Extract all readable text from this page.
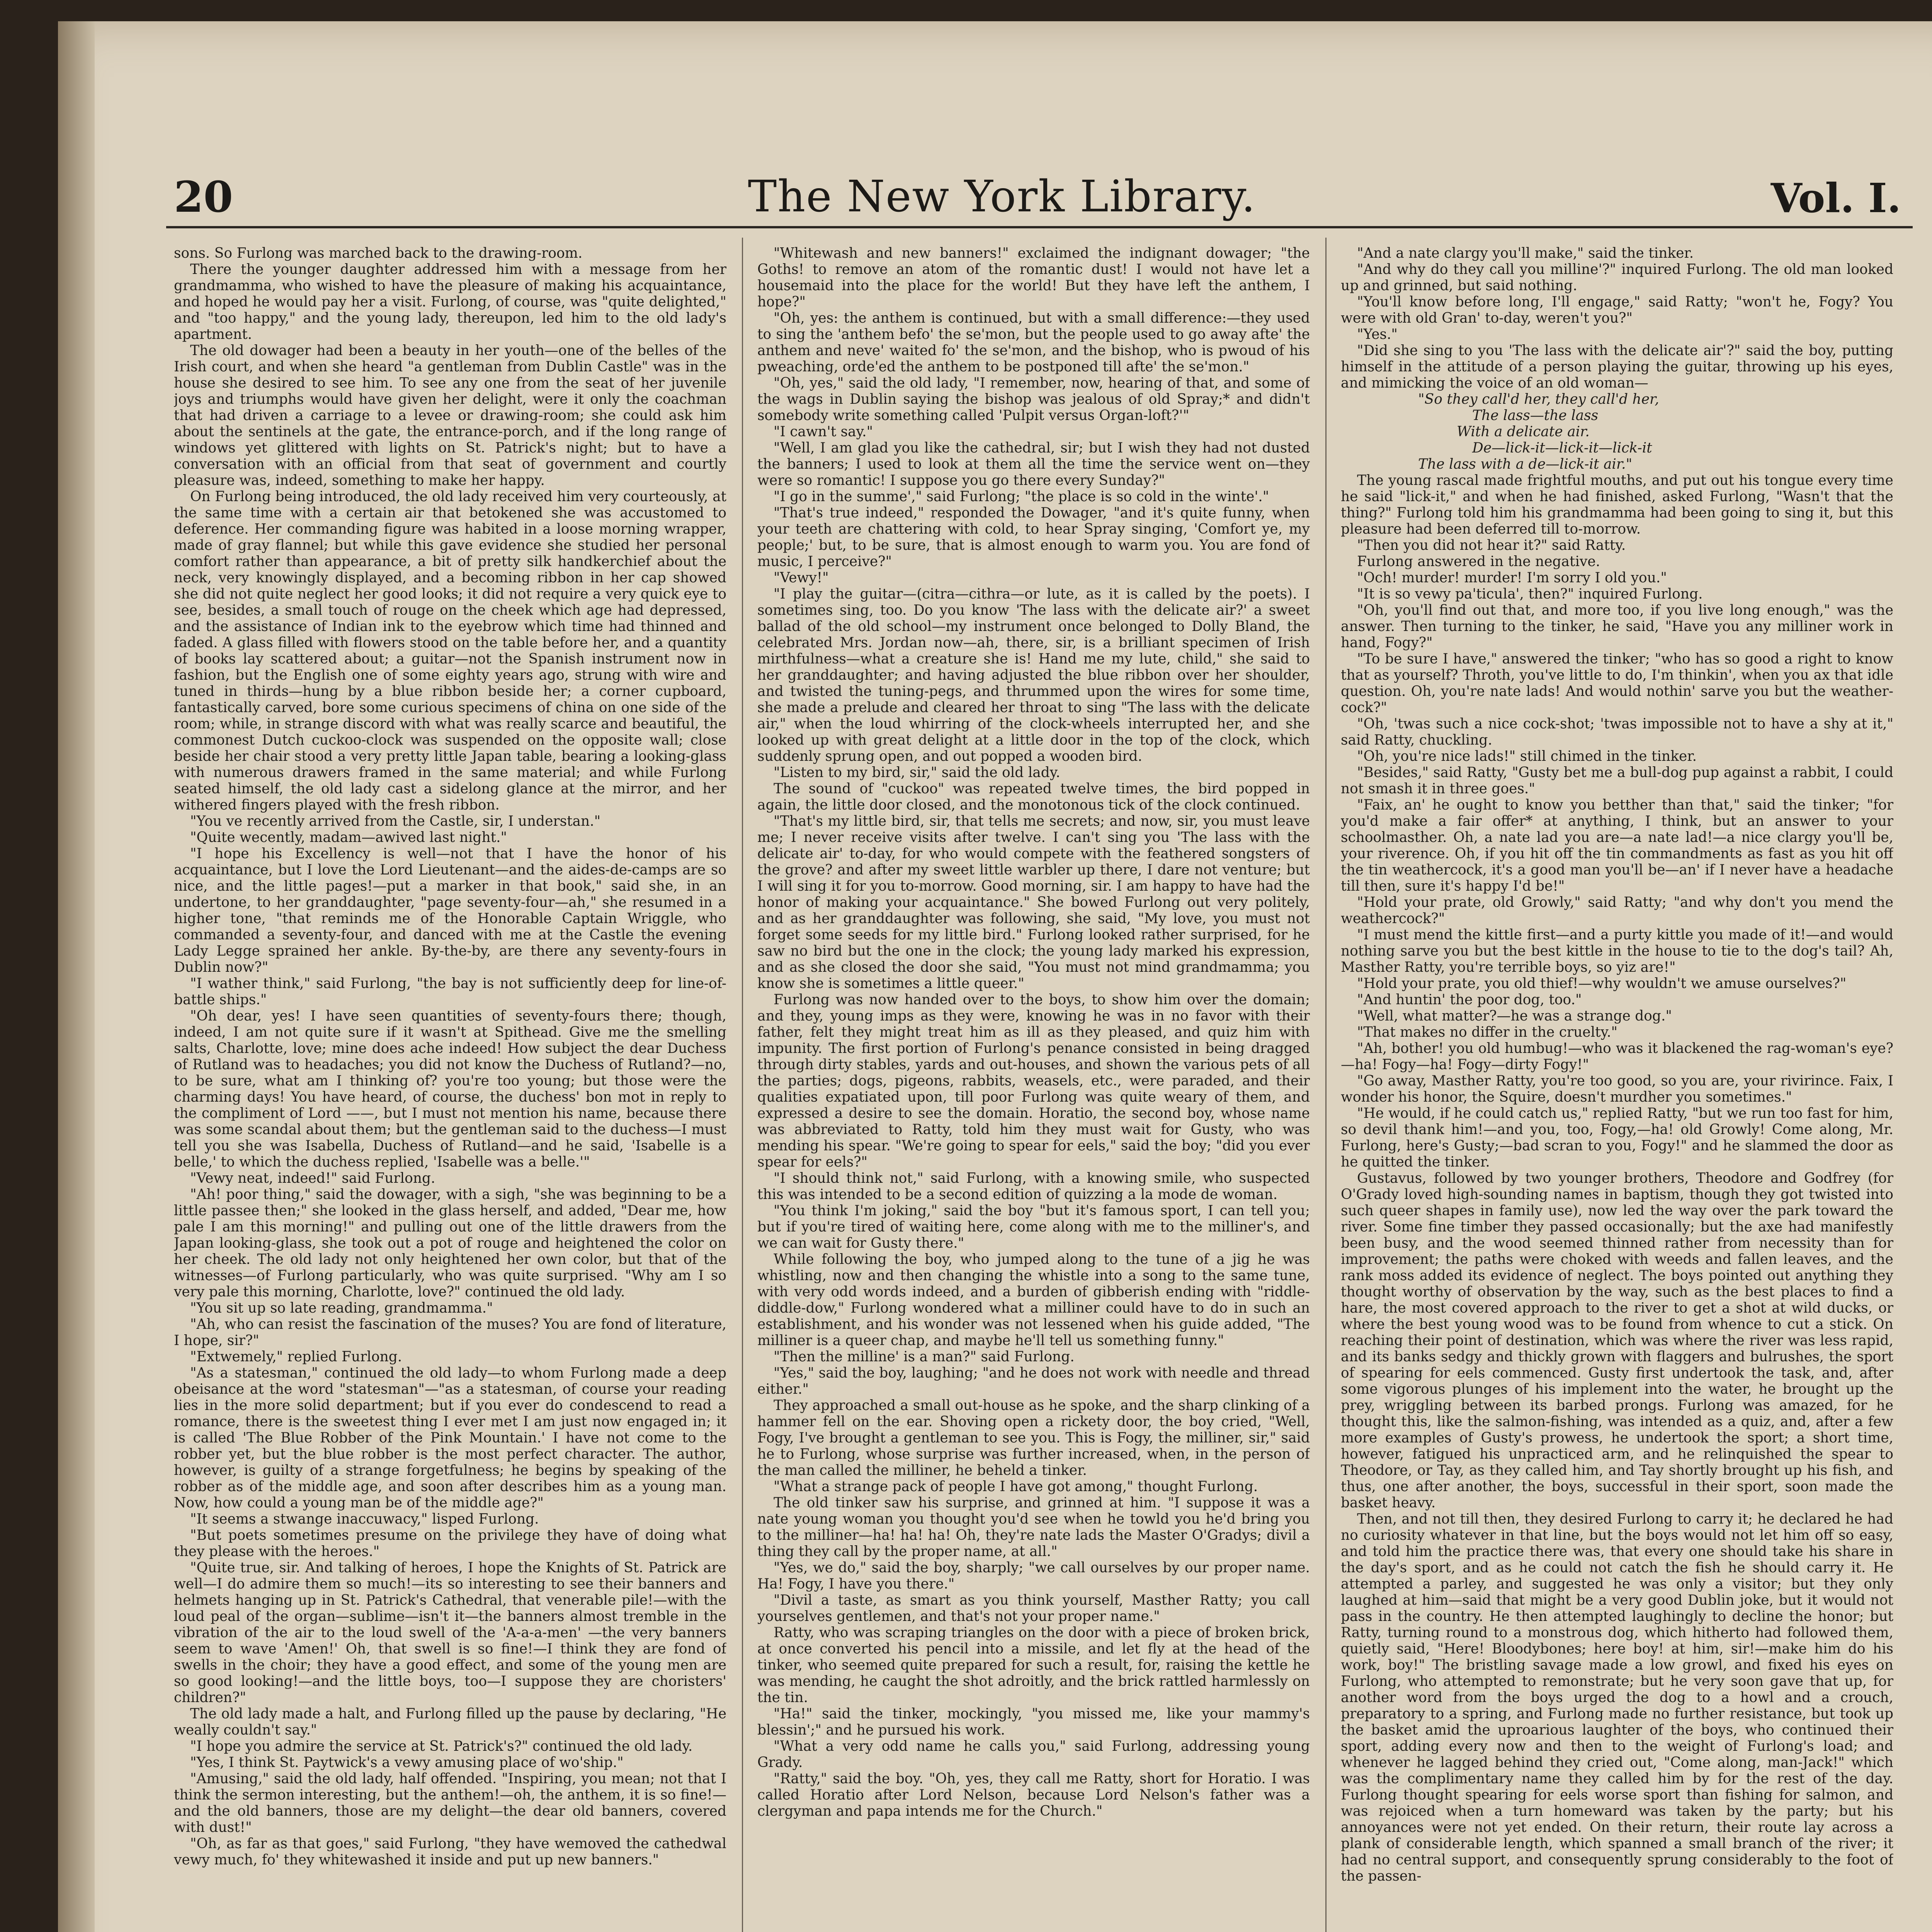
20	The New York Library.	Vol. I.

sons. So Furlong was marched back to the drawing-room.

There the younger daughter addressed him with a message from her grandmamma, who wished to have the pleasure of making his acquaintance, and hoped he would pay her a visit. Furlong, of course, was "quite delighted," and "too happy," and the young lady, thereupon, led him to the old lady's apartment.

The old dowager had been a beauty in her youth—one of the belles of the Irish court, and when she heard "a gentleman from Dublin Castle" was in the house she desired to see him. To see any one from the seat of her juvenile joys and triumphs would have given her delight, were it only the coachman that had driven a carriage to a levee or drawing-room; she could ask him about the sentinels at the gate, the entrance-porch, and if the long range of windows yet glittered with lights on St. Patrick's night; but to have a conversation with an official from that seat of government and courtly pleasure was, indeed, something to make her happy.

On Furlong being introduced, the old lady received him very courteously, at the same time with a certain air that betokened she was accustomed to deference. Her commanding figure was habited in a loose morning wrapper, made of gray flannel; but while this gave evidence she studied her personal comfort rather than appearance, a bit of pretty silk handkerchief about the neck, very knowingly displayed, and a becoming ribbon in her cap showed she did not quite neglect her good looks; it did not require a very quick eye to see, besides, a small touch of rouge on the cheek which age had depressed, and the assistance of Indian ink to the eyebrow which time had thinned and faded. A glass filled with flowers stood on the table before her, and a quantity of books lay scattered about; a guitar—not the Spanish instrument now in fashion, but the English one of some eighty years ago, strung with wire and tuned in thirds—hung by a blue ribbon beside her; a corner cupboard, fantastically carved, bore some curious specimens of china on one side of the room; while, in strange discord with what was really scarce and beautiful, the commonest Dutch cuckoo-clock was suspended on the opposite wall; close beside her chair stood a very pretty little Japan table, bearing a looking-glass with numerous drawers framed in the same material; and while Furlong seated himself, the old lady cast a sidelong glance at the mirror, and her withered fingers played with the fresh ribbon.

"You ve recently arrived from the Castle, sir, I understan."

"Quite wecently, madam—awived last night."

"I hope his Excellency is well—not that I have the honor of his acquaintance, but I love the Lord Lieutenant—and the aides-de-camps are so nice, and the little pages!—put a marker in that book," said she, in an undertone, to her granddaughter, "page seventy-four—ah," she resumed in a higher tone, "that reminds me of the Honorable Captain Wriggle, who commanded a seventy-four, and danced with me at the Castle the evening Lady Legge sprained her ankle. By-the-by, are there any seventy-fours in Dublin now?"

"I wather think," said Furlong, "the bay is not sufficiently deep for line-of-battle ships."

"Oh dear, yes! I have seen quantities of seventy-fours there; though, indeed, I am not quite sure if it wasn't at Spithead. Give me the smelling salts, Charlotte, love; mine does ache indeed! How subject the dear Duchess of Rutland was to headaches; you did not know the Duchess of Rutland?—no, to be sure, what am I thinking of? you're too young; but those were the charming days! You have heard, of course, the duchess' bon mot in reply to the compliment of Lord ——, but I must not mention his name, because there was some scandal about them; but the gentleman said to the duchess—I must tell you she was Isabella, Duchess of Rutland—and he said, 'Isabelle is a belle,' to which the duchess replied, 'Isabelle was a belle.'"

"Vewy neat, indeed!" said Furlong.

"Ah! poor thing," said the dowager, with a sigh, "she was beginning to be a little passee then;" she looked in the glass herself, and added, "Dear me, how pale I am this morning!" and pulling out one of the little drawers from the Japan looking-glass, she took out a pot of rouge and heightened the color on her cheek. The old lady not only heightened her own color, but that of the witnesses—of Furlong particularly, who was quite surprised. "Why am I so very pale this morning, Charlotte, love?" continued the old lady.

"You sit up so late reading, grandmamma."

"Ah, who can resist the fascination of the muses? You are fond of literature, I hope, sir?"

"Extwemely," replied Furlong.

"As a statesman," continued the old lady—to whom Furlong made a deep obeisance at the word "statesman"—"as a statesman, of course your reading lies in the more solid department; but if you ever do condescend to read a romance, there is the sweetest thing I ever met I am just now engaged in; it is called 'The Blue Robber of the Pink Mountain.' I have not come to the robber yet, but the blue robber is the most perfect character. The author, however, is guilty of a strange forgetfulness; he begins by speaking of the robber as of the middle age, and soon after describes him as a young man. Now, how could a young man be of the middle age?"

"It seems a stwange inaccuwacy," lisped Furlong.

"But poets sometimes presume on the privilege they have of doing what they please with the heroes."

"Quite true, sir. And talking of heroes, I hope the Knights of St. Patrick are well—I do admire them so much!—its so interesting to see their banners and helmets hanging up in St. Patrick's Cathedral, that venerable pile!—with the loud peal of the organ—sublime—isn't it—the banners almost tremble in the vibration of the air to the loud swell of the 'A-a-a-men' —the very banners seem to wave 'Amen!' Oh, that swell is so fine!—I think they are fond of swells in the choir; they have a good effect, and some of the young men are so good looking!—and the little boys, too—I suppose they are choristers' children?"

The old lady made a halt, and Furlong filled up the pause by declaring, "He weally couldn't say."

"I hope you admire the service at St. Patrick's?" continued the old lady.

"Yes, I think St. Paytwick's a vewy amusing place of wo'ship."

"Amusing," said the old lady, half offended. "Inspiring, you mean; not that I think the sermon interesting, but the anthem!—oh, the anthem, it is so fine!—and the old banners, those are my delight—the dear old banners, covered with dust!"

"Oh, as far as that goes," said Furlong, "they have wemoved the cathedwal vewy much, fo' they whitewashed it inside and put up new banners."

"Whitewash and new banners!" exclaimed the indignant dowager; "the Goths! to remove an atom of the romantic dust! I would not have let a housemaid into the place for the world! But they have left the anthem, I hope?"

"Oh, yes: the anthem is continued, but with a small difference:—they used to sing the 'anthem befo' the se'mon, but the people used to go away afte' the anthem and neve' waited fo' the se'mon, and the bishop, who is pwoud of his pweaching, orde'ed the anthem to be postponed till afte' the se'mon."

"Oh, yes," said the old lady, "I remember, now, hearing of that, and some of the wags in Dublin saying the bishop was jealous of old Spray;* and didn't somebody write something called 'Pulpit versus Organ-loft?'"

"I cawn't say."

"Well, I am glad you like the cathedral, sir; but I wish they had not dusted the banners; I used to look at them all the time the service went on—they were so romantic! I suppose you go there every Sunday?"

"I go in the summe'," said Furlong; "the place is so cold in the winte'."

"That's true indeed," responded the Dowager, "and it's quite funny, when your teeth are chattering with cold, to hear Spray singing, 'Comfort ye, my people;' but, to be sure, that is almost enough to warm you. You are fond of music, I perceive?"

"Vewy!"

"I play the guitar—(citra—cithra—or lute, as it is called by the poets). I sometimes sing, too. Do you know 'The lass with the delicate air?' a sweet ballad of the old school—my instrument once belonged to Dolly Bland, the celebrated Mrs. Jordan now—ah, there, sir, is a brilliant specimen of Irish mirthfulness—what a creature she is! Hand me my lute, child," she said to her granddaughter; and having adjusted the blue ribbon over her shoulder, and twisted the tuning-pegs, and thrummed upon the wires for some time, she made a prelude and cleared her throat to sing "The lass with the delicate air," when the loud whirring of the clock-wheels interrupted her, and she looked up with great delight at a little door in the top of the clock, which suddenly sprung open, and out popped a wooden bird.

"Listen to my bird, sir," said the old lady.

The sound of "cuckoo" was repeated twelve times, the bird popped in again, the little door closed, and the monotonous tick of the clock continued.

"That's my little bird, sir, that tells me secrets; and now, sir, you must leave me; I never receive visits after twelve. I can't sing you 'The lass with the delicate air' to-day, for who would compete with the feathered songsters of the grove? and after my sweet little warbler up there, I dare not venture; but I will sing it for you to-morrow. Good morning, sir. I am happy to have had the honor of making your acquaintance." She bowed Furlong out very politely, and as her granddaughter was following, she said, "My love, you must not forget some seeds for my little bird." Furlong looked rather surprised, for he saw no bird but the one in the clock; the young lady marked his expression, and as she closed the door she said, "You must not mind grandmamma; you know she is sometimes a little queer."

Furlong was now handed over to the boys, to show him over the domain; and they, young imps as they were, knowing he was in no favor with their father, felt they might treat him as ill as they pleased, and quiz him with impunity. The first portion of Furlong's penance consisted in being dragged through dirty stables, yards and out-houses, and shown the various pets of all the parties; dogs, pigeons, rabbits, weasels, etc., were paraded, and their qualities expatiated upon, till poor Furlong was quite weary of them, and expressed a desire to see the domain. Horatio, the second boy, whose name was abbreviated to Ratty, told him they must wait for Gusty, who was mending his spear. "We're going to spear for eels," said the boy; "did you ever spear for eels?"

"I should think not," said Furlong, with a knowing smile, who suspected this was intended to be a second edition of quizzing a la mode de woman.

"You think I'm joking," said the boy "but it's famous sport, I can tell you; but if you're tired of waiting here, come along with me to the milliner's, and we can wait for Gusty there."

While following the boy, who jumped along to the tune of a jig he was whistling, now and then changing the whistle into a song to the same tune, with very odd words indeed, and a burden of gibberish ending with "riddle-diddle-dow," Furlong wondered what a milliner could have to do in such an establishment, and his wonder was not lessened when his guide added, "The milliner is a queer chap, and maybe he'll tell us something funny."

"Then the milline' is a man?" said Furlong.

"Yes," said the boy, laughing; "and he does not work with needle and thread either."

They approached a small out-house as he spoke, and the sharp clinking of a hammer fell on the ear. Shoving open a rickety door, the boy cried, "Well, Fogy, I've brought a gentleman to see you. This is Fogy, the milliner, sir," said he to Furlong, whose surprise was further increased, when, in the person of the man called the milliner, he beheld a tinker.

"What a strange pack of people I have got among," thought Furlong.

The old tinker saw his surprise, and grinned at him. "I suppose it was a nate young woman you thought you'd see when he towld you he'd bring you to the milliner—ha! ha! ha! Oh, they're nate lads the Master O'Gradys; divil a thing they call by the proper name, at all."

"Yes, we do," said the boy, sharply; "we call ourselves by our proper name. Ha! Fogy, I have you there."

"Divil a taste, as smart as you think yourself, Masther Ratty; you call yourselves gentlemen, and that's not your proper name."

Ratty, who was scraping triangles on the door with a piece of broken brick, at once converted his pencil into a missile, and let fly at the head of the tinker, who seemed quite prepared for such a result, for, raising the kettle he was mending, he caught the shot adroitly, and the brick rattled harmlessly on the tin.

"Ha!" said the tinker, mockingly, "you missed me, like your mammy's blessin';" and he pursued his work.

"What a very odd name he calls you," said Furlong, addressing young Grady.

"Ratty," said the boy. "Oh, yes, they call me Ratty, short for Horatio. I was called Horatio after Lord Nelson, because Lord Nelson's father was a clergyman and papa intends me for the Church."

"And a nate clargy you'll make," said the tinker.

"And why do they call you milline'?" inquired Furlong. The old man looked up and grinned, but said nothing.

"You'll know before long, I'll engage," said Ratty; "won't he, Fogy? You were with old Gran' to-day, weren't you?"

"Yes."

"Did she sing to you 'The lass with the delicate air'?" said the boy, putting himself in the attitude of a person playing the guitar, throwing up his eyes, and mimicking the voice of an old woman—

"So they call'd her, they call'd her,

The lass—the lass

With a delicate air.

De—lick-it—lick-it—lick-it

The lass with a de—lick-it air."

The young rascal made frightful mouths, and put out his tongue every time he said "lick-it," and when he had finished, asked Furlong, "Wasn't that the thing?" Furlong told him his grandmamma had been going to sing it, but this pleasure had been deferred till to-morrow.

"Then you did not hear it?" said Ratty.

Furlong answered in the negative.

"Och! murder! murder! I'm sorry I old you."

"It is so vewy pa'ticula', then?" inquired Furlong.

"Oh, you'll find out that, and more too, if you live long enough," was the answer. Then turning to the tinker, he said, "Have you any milliner work in hand, Fogy?"

"To be sure I have," answered the tinker; "who has so good a right to know that as yourself? Throth, you've little to do, I'm thinkin', when you ax that idle question. Oh, you're nate lads! And would nothin' sarve you but the weather-cock?"

"Oh, 'twas such a nice cock-shot; 'twas impossible not to have a shy at it," said Ratty, chuckling.

"Oh, you're nice lads!" still chimed in the tinker.

"Besides," said Ratty, "Gusty bet me a bull-dog pup against a rabbit, I could not smash it in three goes."

"Faix, an' he ought to know you betther than that," said the tinker; "for you'd make a fair offer* at anything, I think, but an answer to your schoolmasther. Oh, a nate lad you are—a nate lad!—a nice clargy you'll be, your riverence. Oh, if you hit off the tin commandments as fast as you hit off the tin weathercock, it's a good man you'll be—an' if I never have a headache till then, sure it's happy I'd be!"

"Hold your prate, old Growly," said Ratty; "and why don't you mend the weathercock?"

"I must mend the kittle first—and a purty kittle you made of it!—and would nothing sarve you but the best kittle in the house to tie to the dog's tail? Ah, Masther Ratty, you're terrible boys, so yiz are!"

"Hold your prate, you old thief!—why wouldn't we amuse ourselves?"

"And huntin' the poor dog, too."

"Well, what matter?—he was a strange dog."

"That makes no differ in the cruelty."

"Ah, bother! you old humbug!—who was it blackened the rag-woman's eye?—ha! Fogy—ha! Fogy—dirty Fogy!"

"Go away, Masther Ratty, you're too good, so you are, your rivirince. Faix, I wonder his honor, the Squire, doesn't murdher you sometimes."

"He would, if he could catch us," replied Ratty, "but we run too fast for him, so devil thank him!—and you, too, Fogy,—ha! old Growly! Come along, Mr. Furlong, here's Gusty;—bad scran to you, Fogy!" and he slammed the door as he quitted the tinker.

Gustavus, followed by two younger brothers, Theodore and Godfrey (for O'Grady loved high-sounding names in baptism, though they got twisted into such queer shapes in family use), now led the way over the park toward the river. Some fine timber they passed occasionally; but the axe had manifestly been busy, and the wood seemed thinned rather from necessity than for improvement; the paths were choked with weeds and fallen leaves, and the rank moss added its evidence of neglect. The boys pointed out anything they thought worthy of observation by the way, such as the best places to find a hare, the most covered approach to the river to get a shot at wild ducks, or where the best young wood was to be found from whence to cut a stick. On reaching their point of destination, which was where the river was less rapid, and its banks sedgy and thickly grown with flaggers and bulrushes, the sport of spearing for eels commenced. Gusty first undertook the task, and, after some vigorous plunges of his implement into the water, he brought up the prey, wriggling between its barbed prongs. Furlong was amazed, for he thought this, like the salmon-fishing, was intended as a quiz, and, after a few more examples of Gusty's prowess, he undertook the sport; a short time, however, fatigued his unpracticed arm, and he relinquished the spear to Theodore, or Tay, as they called him, and Tay shortly brought up his fish, and thus, one after another, the boys, successful in their sport, soon made the basket heavy.

Then, and not till then, they desired Furlong to carry it; he declared he had no curiosity whatever in that line, but the boys would not let him off so easy, and told him the practice there was, that every one should take his share in the day's sport, and as he could not catch the fish he should carry it. He attempted a parley, and suggested he was only a visitor; but they only laughed at him—said that might be a very good Dublin joke, but it would not pass in the country. He then attempted laughingly to decline the honor; but Ratty, turning round to a monstrous dog, which hitherto had followed them, quietly said, "Here! Bloodybones; here boy! at him, sir!—make him do his work, boy!" The bristling savage made a low growl, and fixed his eyes on Furlong, who attempted to remonstrate; but he very soon gave that up, for another word from the boys urged the dog to a howl and a crouch, preparatory to a spring, and Furlong made no further resistance, but took up the basket amid the uproarious laughter of the boys, who continued their sport, adding every now and then to the weight of Furlong's load; and whenever he lagged behind they cried out, "Come along, man-Jack!" which was the complimentary name they called him by for the rest of the day. Furlong thought spearing for eels worse sport than fishing for salmon, and was rejoiced when a turn homeward was taken by the party; but his annoyances were not yet ended. On their return, their route lay across a plank of considerable length, which spanned a small branch of the river; it had no central support, and consequently sprung considerably to the foot of the passen-
